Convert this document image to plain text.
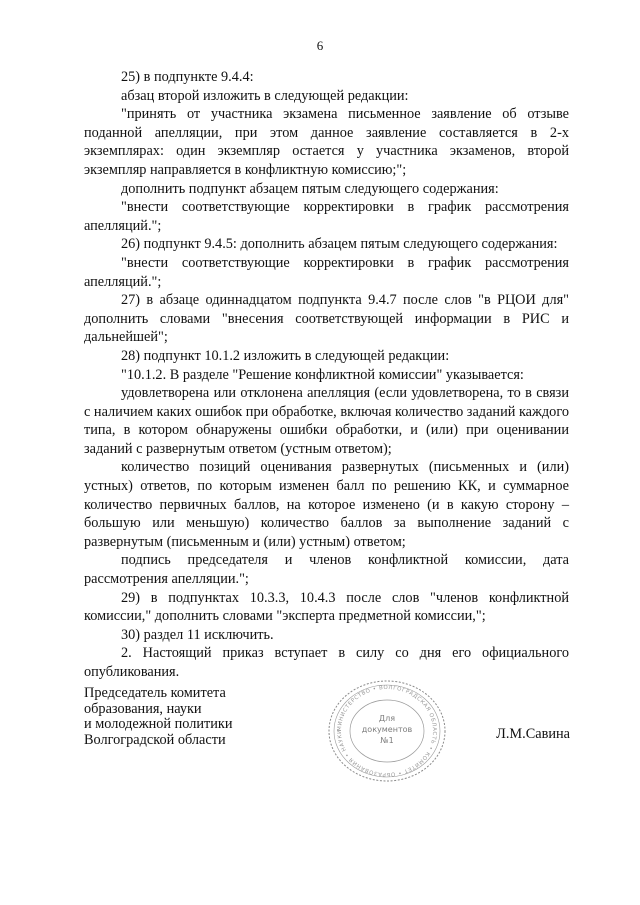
6

25) в подпункте 9.4.4:

абзац второй изложить в следующей редакции:

"принять от участника экзамена письменное заявление об отзыве поданной апелляции, при этом данное заявление составляется в 2-х экземплярах: один экземпляр остается у участника экзаменов, второй экземпляр направляется в конфликтную комиссию;";

дополнить подпункт абзацем пятым следующего содержания:

"внести соответствующие корректировки в график рассмотрения апелляций.";

26) подпункт 9.4.5: дополнить абзацем пятым следующего содержания:

"внести соответствующие корректировки в график рассмотрения апелляций.";

27) в абзаце одиннадцатом подпункта 9.4.7 после слов "в РЦОИ для" дополнить словами "внесения соответствующей информации в РИС и дальнейшей";

28) подпункт 10.1.2 изложить в следующей редакции:

"10.1.2. В разделе "Решение конфликтной комиссии" указывается:

удовлетворена или отклонена апелляция (если удовлетворена, то в связи с наличием каких ошибок при обработке, включая количество заданий каждого типа, в котором обнаружены ошибки обработки, и (или) при оценивании заданий с развернутым ответом (устным ответом);

количество позиций оценивания развернутых (письменных и (или) устных) ответов, по которым изменен балл по решению КК, и суммарное количество первичных баллов, на которое изменено (и в какую сторону – большую или меньшую) количество баллов за выполнение заданий с развернутым (письменным и (или) устным) ответом;

подпись председателя и членов конфликтной комиссии, дата рассмотрения апелляции.";

29) в подпунктах 10.3.3, 10.4.3 после слов "членов конфликтной комиссии," дополнить словами "эксперта предметной комиссии,";

30) раздел 11 исключить.

2. Настоящий приказ вступает в силу со дня его официального опубликования.

Председатель комитета
образования, науки
и молодежной политики
Волгоградской области
МИНИСТЕРСТВО • ВОЛГОГРАДСКАЯ ОБЛАСТЬ • КОМИТЕТ • ОБРАЗОВАНИЯ • НАУКИ
Для
документов
№1	Л.М.Савина
